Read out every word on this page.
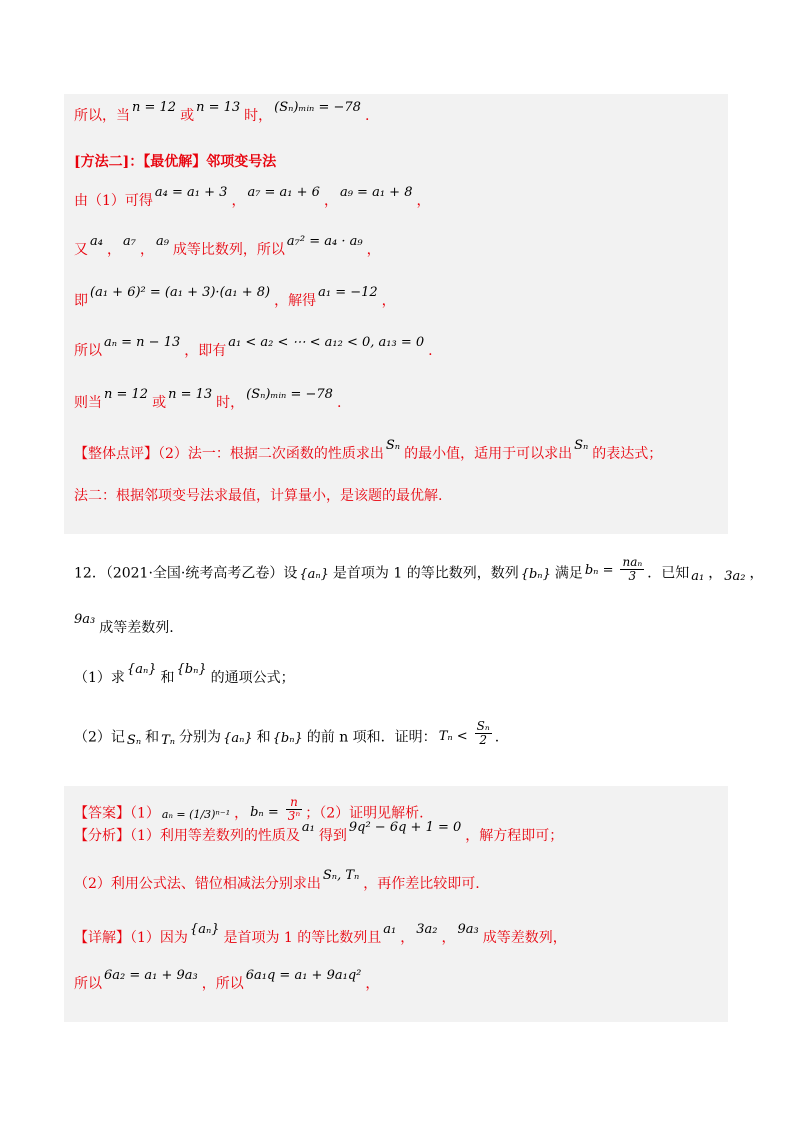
所以，当n = 12或n = 13时，(Sₙ)ₘᵢₙ = −78.
[方法二]：【最优解】邻项变号法
由（1）可得a₄ = a₁ + 3，a₇ = a₁ + 6，a₉ = a₁ + 8，
又a₄，a₇，a₉成等比数列，所以a₇² = a₄ · a₉，
即(a₁ + 6)² = (a₁ + 3)·(a₁ + 8)，解得a₁ = −12，
所以aₙ = n − 13，即有a₁ < a₂ < ⋯ < a₁₂ < 0, a₁₃ = 0.
则当n = 12或n = 13时，(Sₙ)ₘᵢₙ = −78.
【整体点评】（2）法一：根据二次函数的性质求出Sₙ的最小值，适用于可以求出Sₙ的表达式；
法二：根据邻项变号法求最值，计算量小，是该题的最优解.
12．（2021·全国·统考高考乙卷）设 {aₙ} 是首项为 1 的等比数列，数列 {bₙ} 满足 $b_n = \frac{\text{naₙ}}{3}$ ．已知 a₁ ， 3a₂ ，
9a₃成等差数列.
（1）求{aₙ}和{bₙ}的通项公式；
（2）记 Sₙ 和 Tₙ 分别为 {aₙ} 和 {bₙ} 的前 n 项和．证明： $T_n < \frac{\text{Sₙ}}{2}$ .
【答案】（1） aₙ = (1/3)ⁿ⁻¹ ， $b_n = \frac{n}{\text{3ⁿ}}$ ；（2）证明见解析.
【分析】（1）利用等差数列的性质及a₁得到9q² − 6q + 1 = 0，解方程即可；
（2）利用公式法、错位相减法分别求出Sₙ, Tₙ，再作差比较即可.
【详解】（1）因为{aₙ}是首项为 1 的等比数列且a₁，3a₂，9a₃成等差数列，
所以6a₂ = a₁ + 9a₃，所以6a₁q = a₁ + 9a₁q²，
